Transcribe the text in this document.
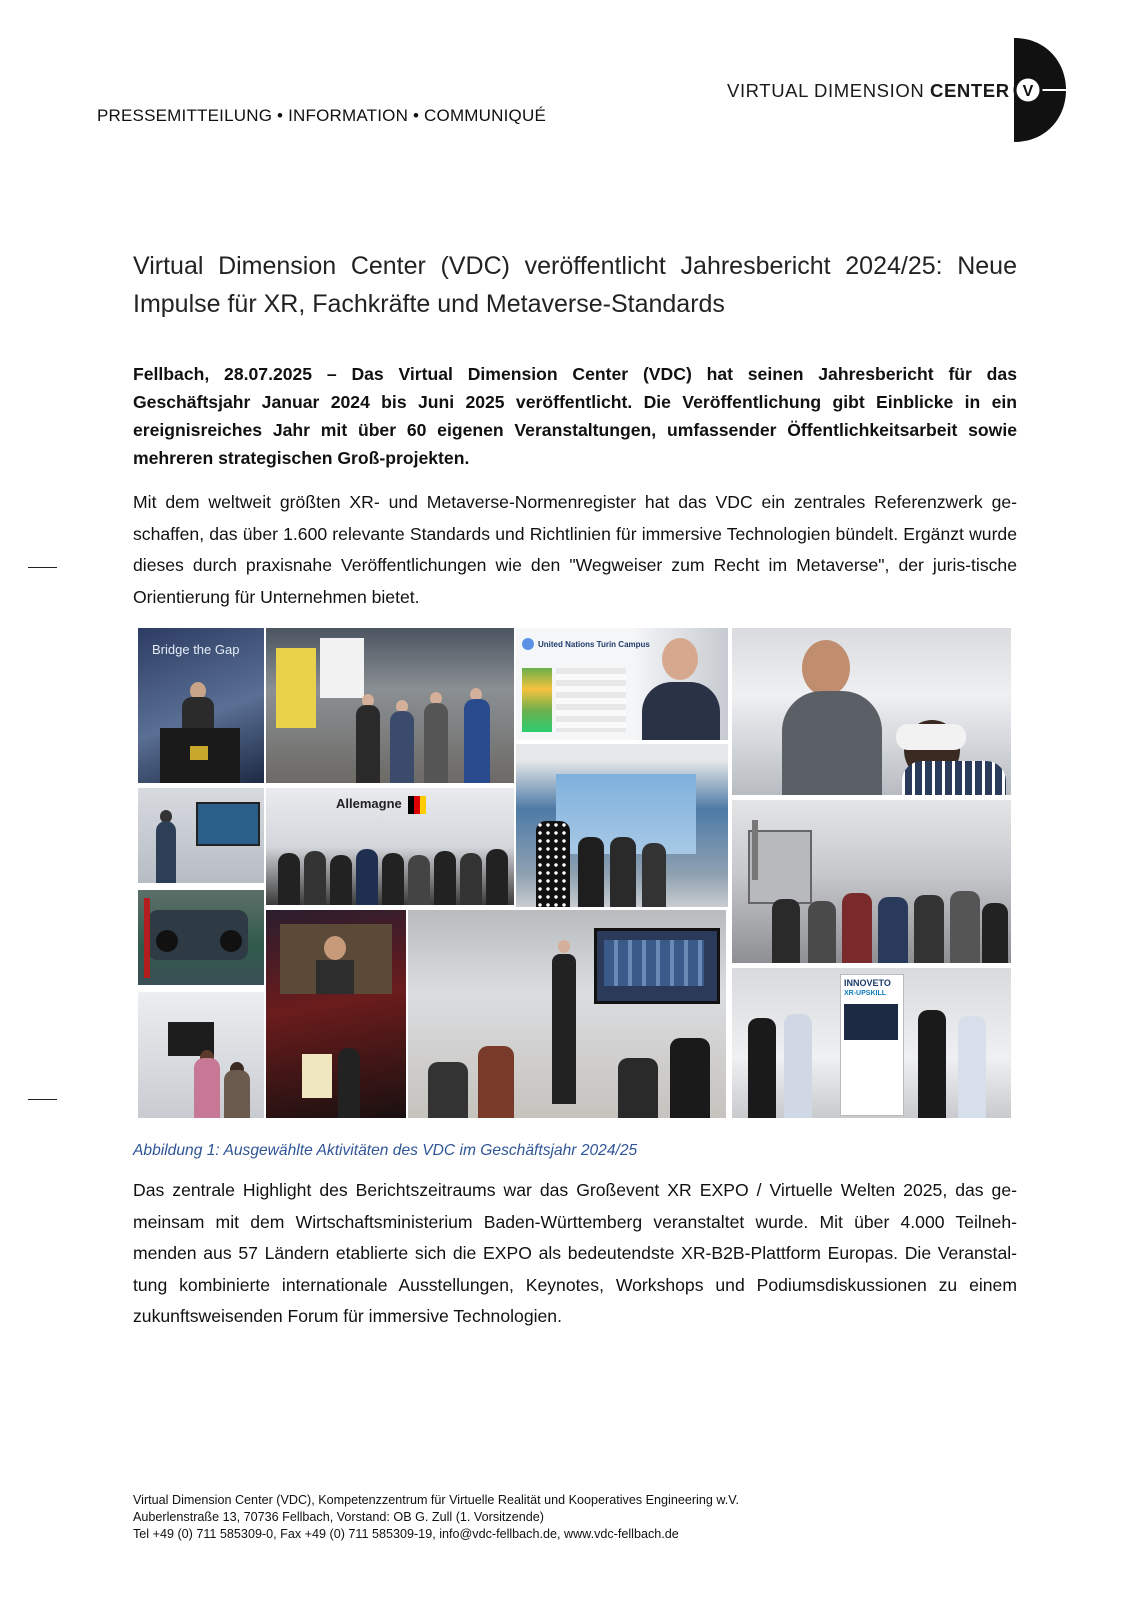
PRESSEMITTEILUNG • INFORMATION • COMMUNIQUÉ
VIRTUAL DIMENSION CENTER V
Virtual Dimension Center (VDC) veröffentlicht Jahresbericht 2024/25: Neue Impulse für XR, Fachkräfte und Metaverse-Standards

Fellbach, 28.07.2025 – Das Virtual Dimension Center (VDC) hat seinen Jahresbericht für das Geschäftsjahr Januar 2024 bis Juni 2025 veröffentlicht. Die Veröffentlichung gibt Einblicke in ein ereignisreiches Jahr mit über 60 eigenen Veranstaltungen, umfassender Öffentlichkeitsarbeit sowie mehreren strategischen Groß-projekten.

Mit dem weltweit größten XR- und Metaverse-Normenregister hat das VDC ein zentrales Referenzwerk ge-schaffen, das über 1.600 relevante Standards und Richtlinien für immersive Technologien bündelt. Ergänzt wurde dieses durch praxisnahe Veröffentlichungen wie den "Wegweiser zum Recht im Metaverse", der juris-tische Orientierung für Unternehmen bietet.

Bridge the Gap
Allemagne
United Nations Turin Campus
INNOVETO
XR-UPSKILL

Abbildung 1: Ausgewählte Aktivitäten des VDC im Geschäftsjahr 2024/25

Das zentrale Highlight des Berichtszeitraums war das Großevent XR EXPO / Virtuelle Welten 2025, das ge-meinsam mit dem Wirtschaftsministerium Baden-Württemberg veranstaltet wurde. Mit über 4.000 Teilneh-menden aus 57 Ländern etablierte sich die EXPO als bedeutendste XR-B2B-Plattform Europas. Die Veranstal-tung kombinierte internationale Ausstellungen, Keynotes, Workshops und Podiumsdiskussionen zu einem zukunftsweisenden Forum für immersive Technologien.

Virtual Dimension Center (VDC), Kompetenzzentrum für Virtuelle Realität und Kooperatives Engineering w.V.
Auberlenstraße 13, 70736 Fellbach, Vorstand: OB G. Zull (1. Vorsitzende)
Tel +49 (0) 711 585309-0, Fax +49 (0) 711 585309-19, info@vdc-fellbach.de, www.vdc-fellbach.de
